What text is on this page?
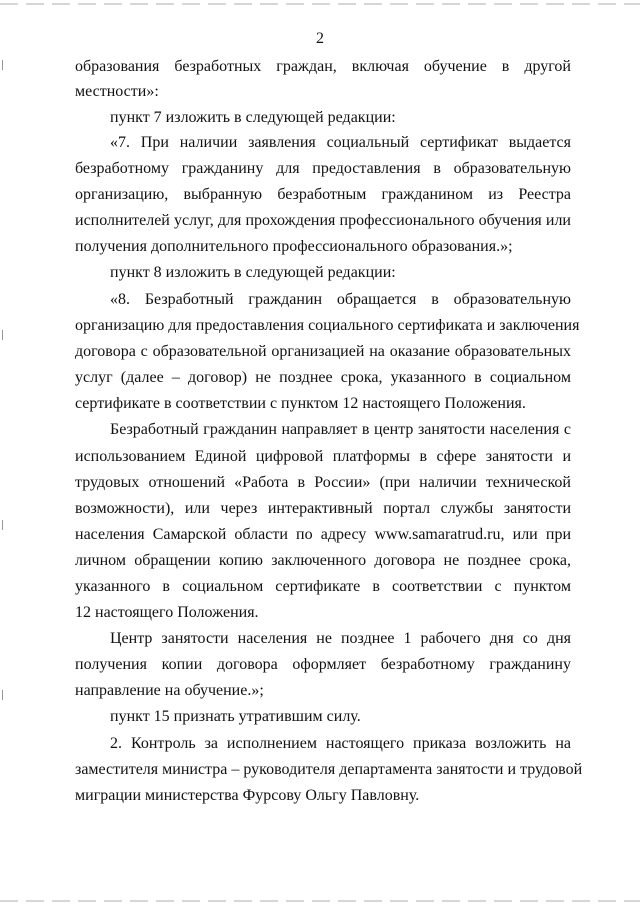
2
образования безработных граждан, включая обучение в другой
местности»:
пункт 7 изложить в следующей редакции:
«7. При наличии заявления социальный сертификат выдается
безработному гражданину для предоставления в образовательную
организацию, выбранную безработным гражданином из Реестра
исполнителей услуг, для прохождения профессионального обучения или
получения дополнительного профессионального образования.»;
пункт 8 изложить в следующей редакции:
«8. Безработный гражданин обращается в образовательную
организацию для предоставления социального сертификата и заключения
договора с образовательной организацией на оказание образовательных
услуг (далее – договор) не позднее срока, указанного в социальном
сертификате в соответствии с пунктом 12 настоящего Положения.
Безработный гражданин направляет в центр занятости населения с
использованием Единой цифровой платформы в сфере занятости и
трудовых отношений «Работа в России» (при наличии технической
возможности), или через интерактивный портал службы занятости
населения Самарской области по адресу www.samaratrud.ru, или при
личном обращении копию заключенного договора не позднее срока,
указанного в социальном сертификате в соответствии с пунктом
12 настоящего Положения.
Центр занятости населения не позднее 1 рабочего дня со дня
получения копии договора оформляет безработному гражданину
направление на обучение.»;
пункт 15 признать утратившим силу.
2. Контроль за исполнением настоящего приказа возложить на
заместителя министра – руководителя департамента занятости и трудовой
миграции министерства Фурсову Ольгу Павловну.
